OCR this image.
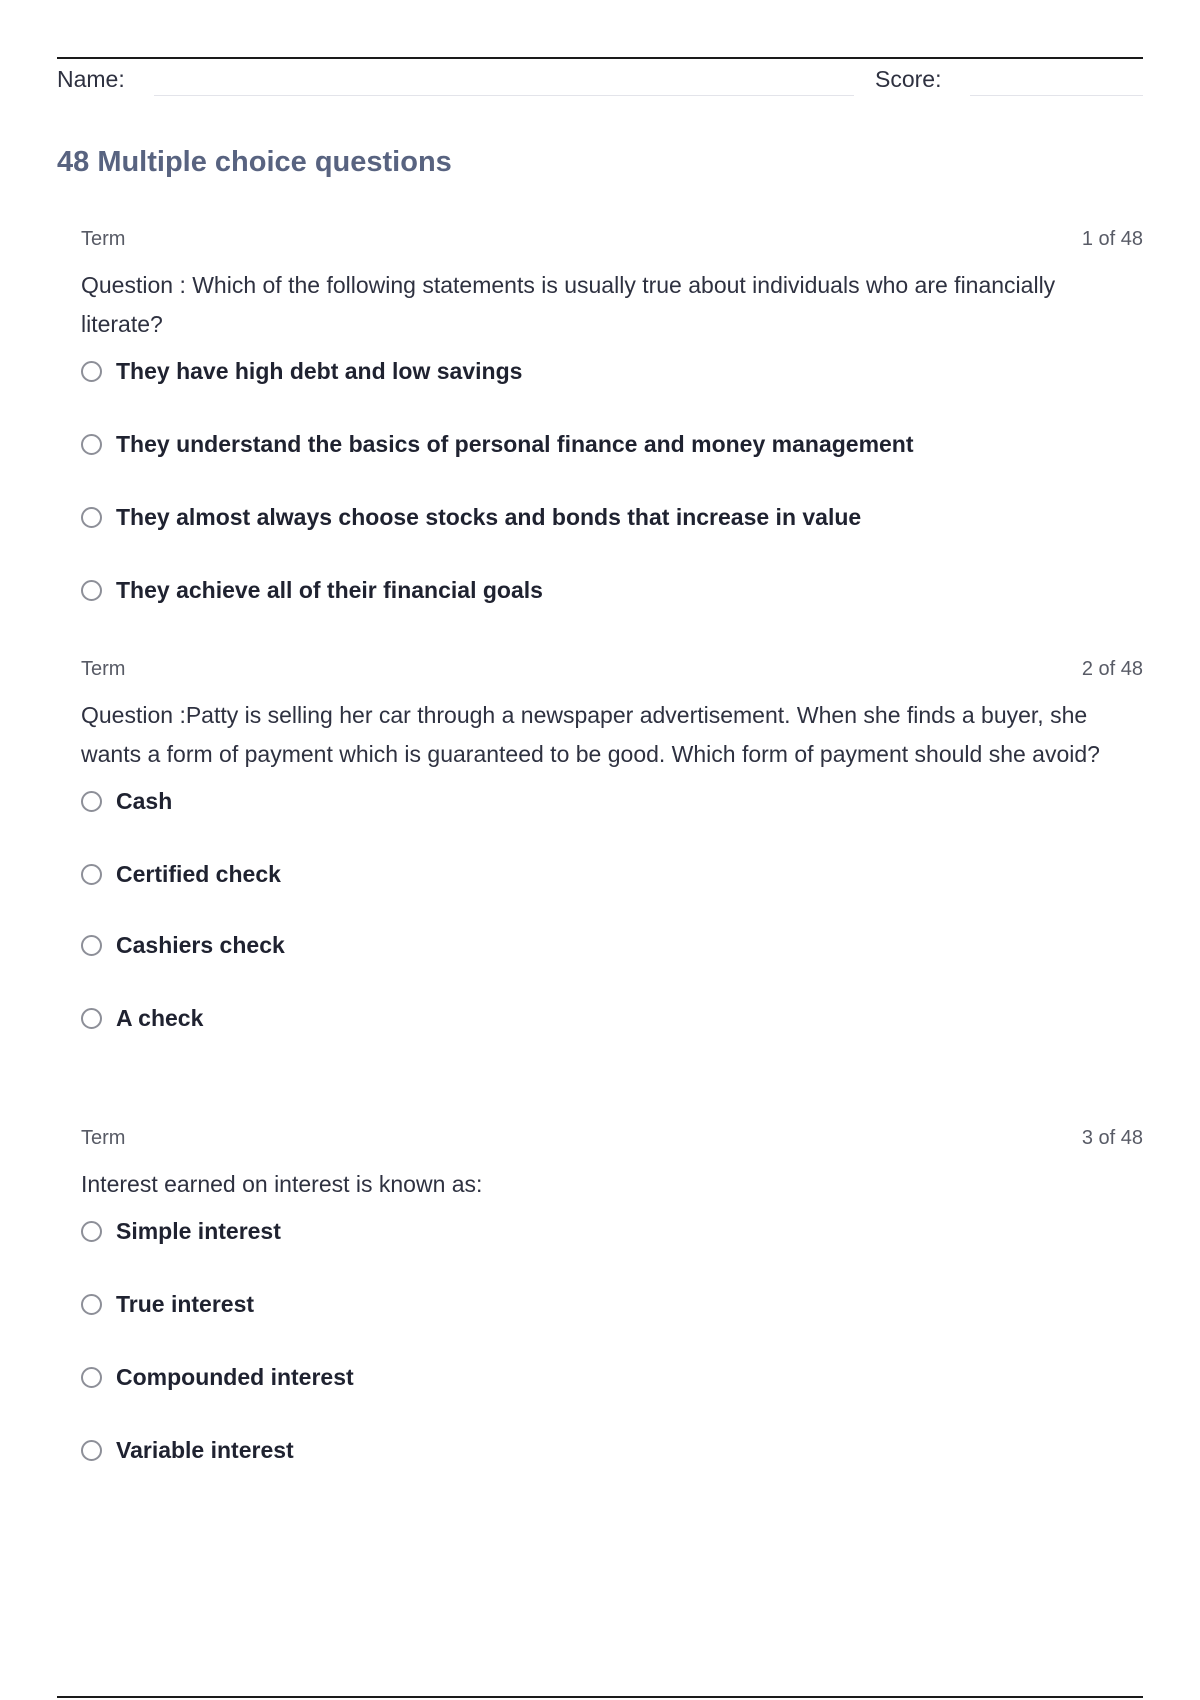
Name:	Score:
48 Multiple choice questions
Term	1 of 48
Question : Which of the following statements is usually true about individuals who are financially literate?
They have high debt and low savings
They understand the basics of personal finance and money management
They almost always choose stocks and bonds that increase in value
They achieve all of their financial goals
Term	2 of 48
Question :Patty is selling her car through a newspaper advertisement. When she finds a buyer, she wants a form of payment which is guaranteed to be good. Which form of payment should she avoid?
Cash
Certified check
Cashiers check
A check
Term	3 of 48
Interest earned on interest is known as:
Simple interest
True interest
Compounded interest
Variable interest
